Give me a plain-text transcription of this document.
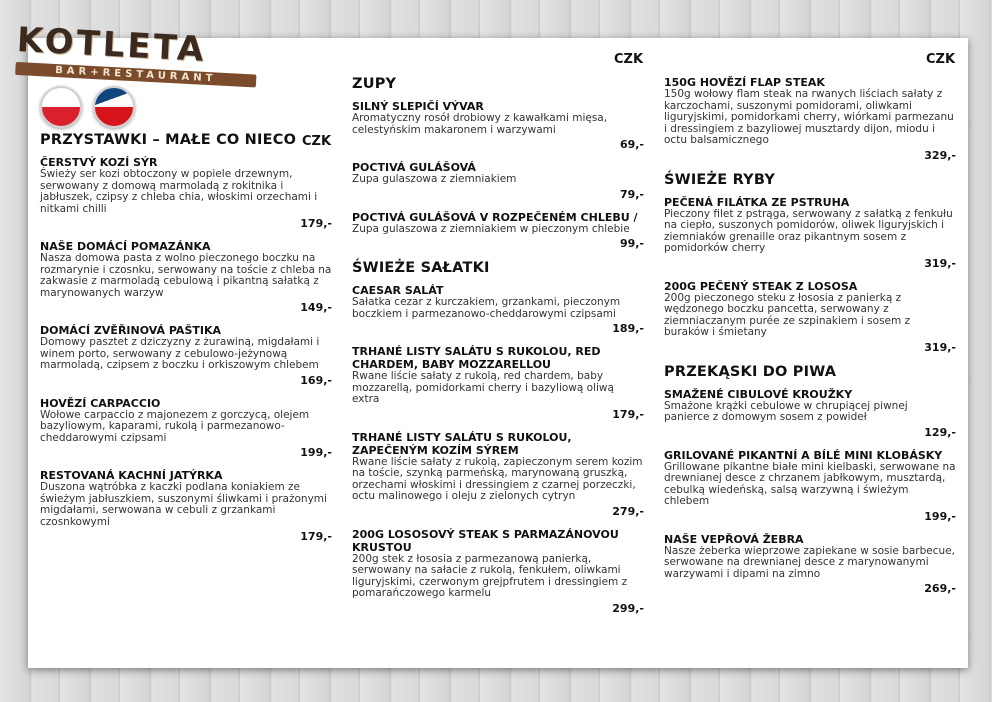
KOTLETA
BAR+RESTAURANT

CZK
CZK	CZK
PRZYSTAWKI – MAŁE CO NIECO
ČERSTVÝ KOZÍ SÝR
Świeży ser kozi obtoczony w popiele drzewnym, serwowany z domową marmoladą z rokitnika i jabłuszek, czipsy z chleba chia, włoskimi orzechami i nitkami chilli
179,-
NAŠE DOMÁCÍ POMAZÁNKA
Nasza domowa pasta z wolno pieczonego boczku na rozmarynie i czosnku, serwowany na toście z chleba na zakwasie z marmoladą cebulową i pikantną sałatką z marynowanych warzyw
149,-
DOMÁCÍ ZVĚŘINOVÁ PAŠTIKA
Domowy pasztet z dziczyzny z żurawiną, migdałami i winem porto, serwowany z cebulowo-jeżynową marmoladą, czipsem z boczku i orkiszowym chlebem
169,-
HOVĚZÍ CARPACCIO
Wołowe carpaccio z majonezem z gorczycą, olejem bazyliowym, kaparami, rukolą i parmezanowo-cheddarowymi czipsami
199,-
RESTOVANÁ KACHNÍ JATÝRKA
Duszona wątróbka z kaczki podlana koniakiem ze świeżym jabłuszkiem, suszonymi śliwkami i prażonymi migdałami, serwowana w cebuli z grzankami czosnkowymi
179,-
ZUPY
SILNÝ SLEPIČÍ VÝVAR
Aromatyczny rosół drobiowy z kawałkami mięsa, celestyńskim makaronem i warzywami
69,-
POCTIVÁ GULÁŠOVÁ
Zupa gulaszowa z ziemniakiem
79,-
POCTIVÁ GULÁŠOVÁ V ROZPEČENÉM CHLEBU /
Zupa gulaszowa z ziemniakiem w pieczonym chlebie
99,-
ŚWIEŻE SAŁATKI
CAESAR SALÁT
Sałatka cezar z kurczakiem, grzankami, pieczonym boczkiem i parmezanowo-cheddarowymi czipsami
189,-
TRHANÉ LISTY SALÁTU S RUKOLOU, RED CHARDEM, BABY MOZZARELLOU
Rwane liście sałaty z rukolą, red chardem, baby mozzarellą, pomidorkami cherry i bazyliową oliwą extra
179,-
TRHANÉ LISTY SALÁTU S RUKOLOU, ZAPEČENÝM KOZÍM SÝREM
Rwane liście sałaty z rukolą, zapieczonym serem kozim na toście, szynką parmeńską, marynowaną gruszką, orzechami włoskimi i dressingiem z czarnej porzeczki, octu malinowego i oleju z zielonych cytryn
279,-
200G LOSOSOVÝ STEAK S PARMAZÁNOVOU KRUSTOU
200g stek z łososia z parmezanową panierką, serwowany na sałacie z rukolą, fenkułem, oliwkami liguryjskimi, czerwonym grejpfrutem i dressingiem z pomarańczowego karmelu
299,-
150G HOVĚZÍ FLAP STEAK
150g wołowy flam steak na rwanych liściach sałaty z karczochami, suszonymi pomidorami, oliwkami liguryjskimi, pomidorkami cherry, wiórkami parmezanu i dressingiem z bazyliowej musztardy dijon, miodu i octu balsamicznego
329,-
ŚWIEŻE RYBY
PEČENÁ FILÁTKA ZE PSTRUHA
Pieczony filet z pstrąga, serwowany z sałatką z fenkułu na ciepło, suszonych pomidorów, oliwek liguryjskich i ziemniaków grenaille oraz pikantnym sosem z pomidorków cherry
319,-
200G PEČENÝ STEAK Z LOSOSA
200g pieczonego steku z łososia z panierką z wędzonego boczku pancetta, serwowany z ziemniaczanym purée ze szpinakiem i sosem z buraków i śmietany
319,-
PRZEKĄSKI DO PIWA
SMAŽENÉ CIBULOVÉ KROUŽKY
Smażone krążki cebulowe w chrupiącej piwnej panierce z domowym sosem z powideł
129,-
GRILOVANÉ PIKANTNÍ A BÍLÉ MINI KLOBÁSKY
Grillowane pikantne białe mini kielbaski, serwowane na drewnianej desce z chrzanem jabłkowym, musztardą, cebulką wiedeńską, salsą warzywną i świeżym chlebem
199,-
NAŠE VEPŘOVÁ ŽEBRA
Nasze żeberka wieprzowe zapiekane w sosie barbecue, serwowane na drewnianej desce z marynowanymi warzywami i dipami na zimno
269,-
